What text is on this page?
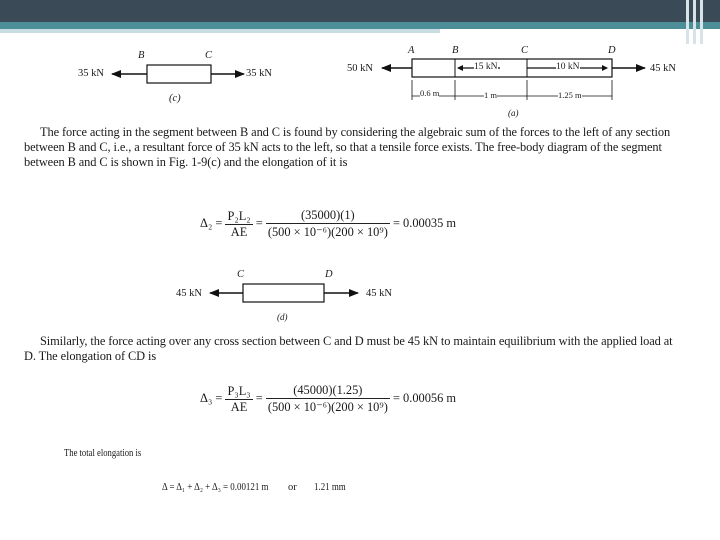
35 kN	35 kN
B	C
(c)
50 kN	45 kN
A	B	C	D
15 kN	10 kN
0.6 m	1 m	1.25 m
(a)
The force acting in the segment between B and C is found by considering the algebraic sum of the forces to the left of any section between B and C, i.e., a resultant force of 35 kN acts to the left, so that a tensile force exists. The free-body diagram of the segment between B and C is shown in Fig. 1-9(c) and the elongation of it is
$\Delta_2 = \frac{\text{P₂L₂}}{AE} = \frac{(35000)(1)}{\text{(500 × 10⁻⁶)(200 × 10⁹)}} = 0.00035$ m
45 kN	45 kN
C	D
(d)
Similarly, the force acting over any cross section between C and D must be 45 kN to maintain equilibrium with the applied load at D. The elongation of CD is
$\Delta_3 = \frac{\text{P₃L₃}}{AE} = \frac{(45000)(1.25)}{\text{(500 × 10⁻⁶)(200 × 10⁹)}} = 0.00056$ m
The total elongation is
Δ = Δ₁ + Δ₂ + Δ₃ = 0.00121 m or 1.21 mm
